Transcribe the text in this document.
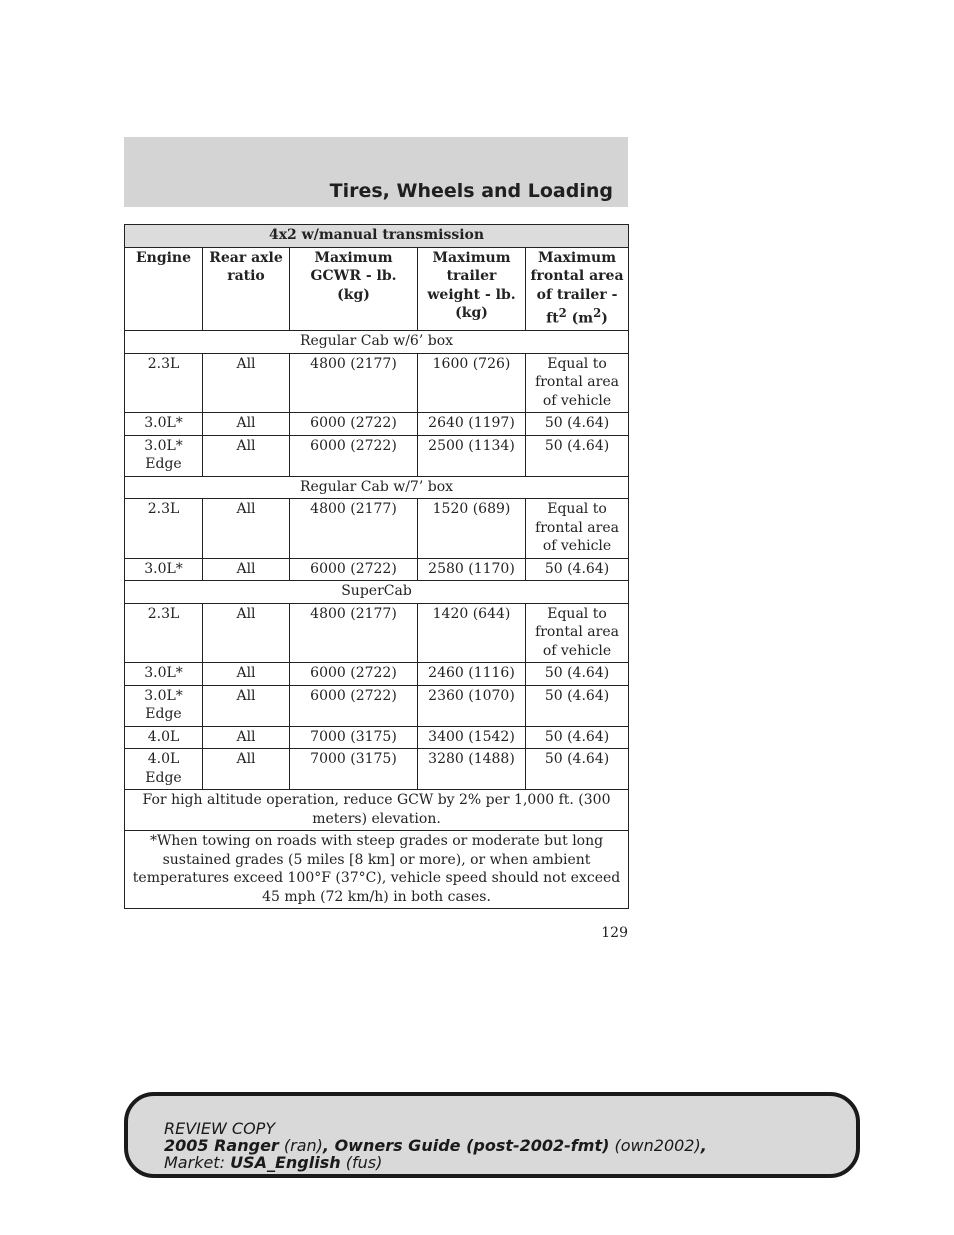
Tires, Wheels and Loading
4x2 w/manual transmission				
Engine	Rear axle ratio	Maximum GCWR - lb. (kg)	Maximum trailer weight - lb. (kg)	Maximum frontal area of trailer - $ft^2$ $(m^2)$
Regular Cab w/6’ box				
2.3L	All	4800 (2177)	1600 (726)	Equal to frontal area of vehicle
3.0L*	All	6000 (2722)	2640 (1197)	50 (4.64)
3.0L* Edge	All	6000 (2722)	2500 (1134)	50 (4.64)
Regular Cab w/7’ box				
2.3L	All	4800 (2177)	1520 (689)	Equal to frontal area of vehicle
3.0L*	All	6000 (2722)	2580 (1170)	50 (4.64)
SuperCab				
2.3L	All	4800 (2177)	1420 (644)	Equal to frontal area of vehicle
3.0L*	All	6000 (2722)	2460 (1116)	50 (4.64)
3.0L* Edge	All	6000 (2722)	2360 (1070)	50 (4.64)
4.0L	All	7000 (3175)	3400 (1542)	50 (4.64)
4.0L Edge	All	7000 (3175)	3280 (1488)	50 (4.64)
For high altitude operation, reduce GCW by 2% per 1,000 ft. (300 meters) elevation.				
*When towing on roads with steep grades or moderate but long sustained grades (5 miles [8 km] or more), or when ambient temperatures exceed 100°F (37°C), vehicle speed should not exceed 45 mph (72 km/h) in both cases.				
129
REVIEW COPY
2005 Ranger (ran), Owners Guide (post-2002-fmt) (own2002),
Market: USA_English (fus)
